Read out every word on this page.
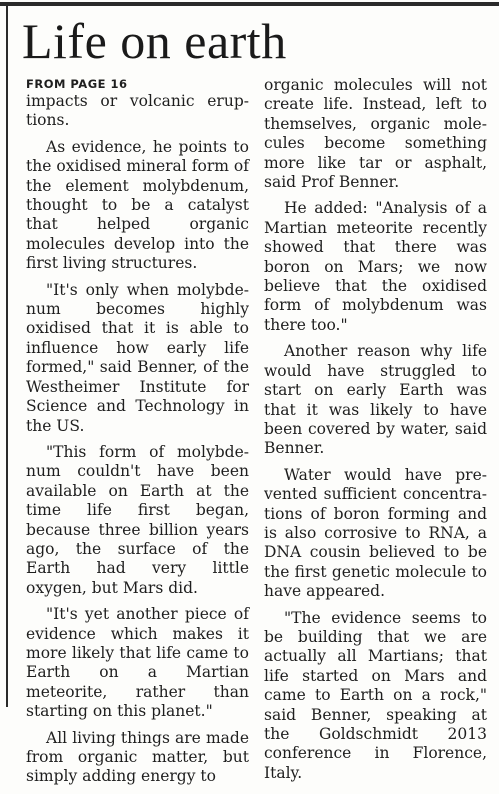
Life on earth
FROM PAGE 16

impacts or volcanic eruptions.

As evidence, he points to the oxidised mineral form of the element molybdenum, thought to be a catalyst that helped organic molecules develop into the first living structures.

"It's only when molybdenum becomes highly oxidised that it is able to influence how early life formed," said Benner, of the Westheimer Institute for Science and Technology in the US.

"This form of molybdenum couldn't have been available on Earth at the time life first began, because three billion years ago, the surface of the Earth had very little oxygen, but Mars did.

"It's yet another piece of evidence which makes it more likely that life came to Earth on a Martian meteorite, rather than starting on this planet."

All living things are made from organic matter, but simply adding energy to

organic molecules will not create life. Instead, left to themselves, organic molecules become something more like tar or asphalt, said Prof Benner.

He added: "Analysis of a Martian meteorite recently showed that there was boron on Mars; we now believe that the oxidised form of molybdenum was there too."

Another reason why life would have struggled to start on early Earth was that it was likely to have been covered by water, said Benner.

Water would have prevented sufficient concentrations of boron forming and is also corrosive to RNA, a DNA cousin believed to be the first genetic molecule to have appeared.

"The evidence seems to be building that we are actually all Martians; that life started on Mars and came to Earth on a rock," said Benner, speaking at the Goldschmidt 2013 conference in Florence, Italy.
